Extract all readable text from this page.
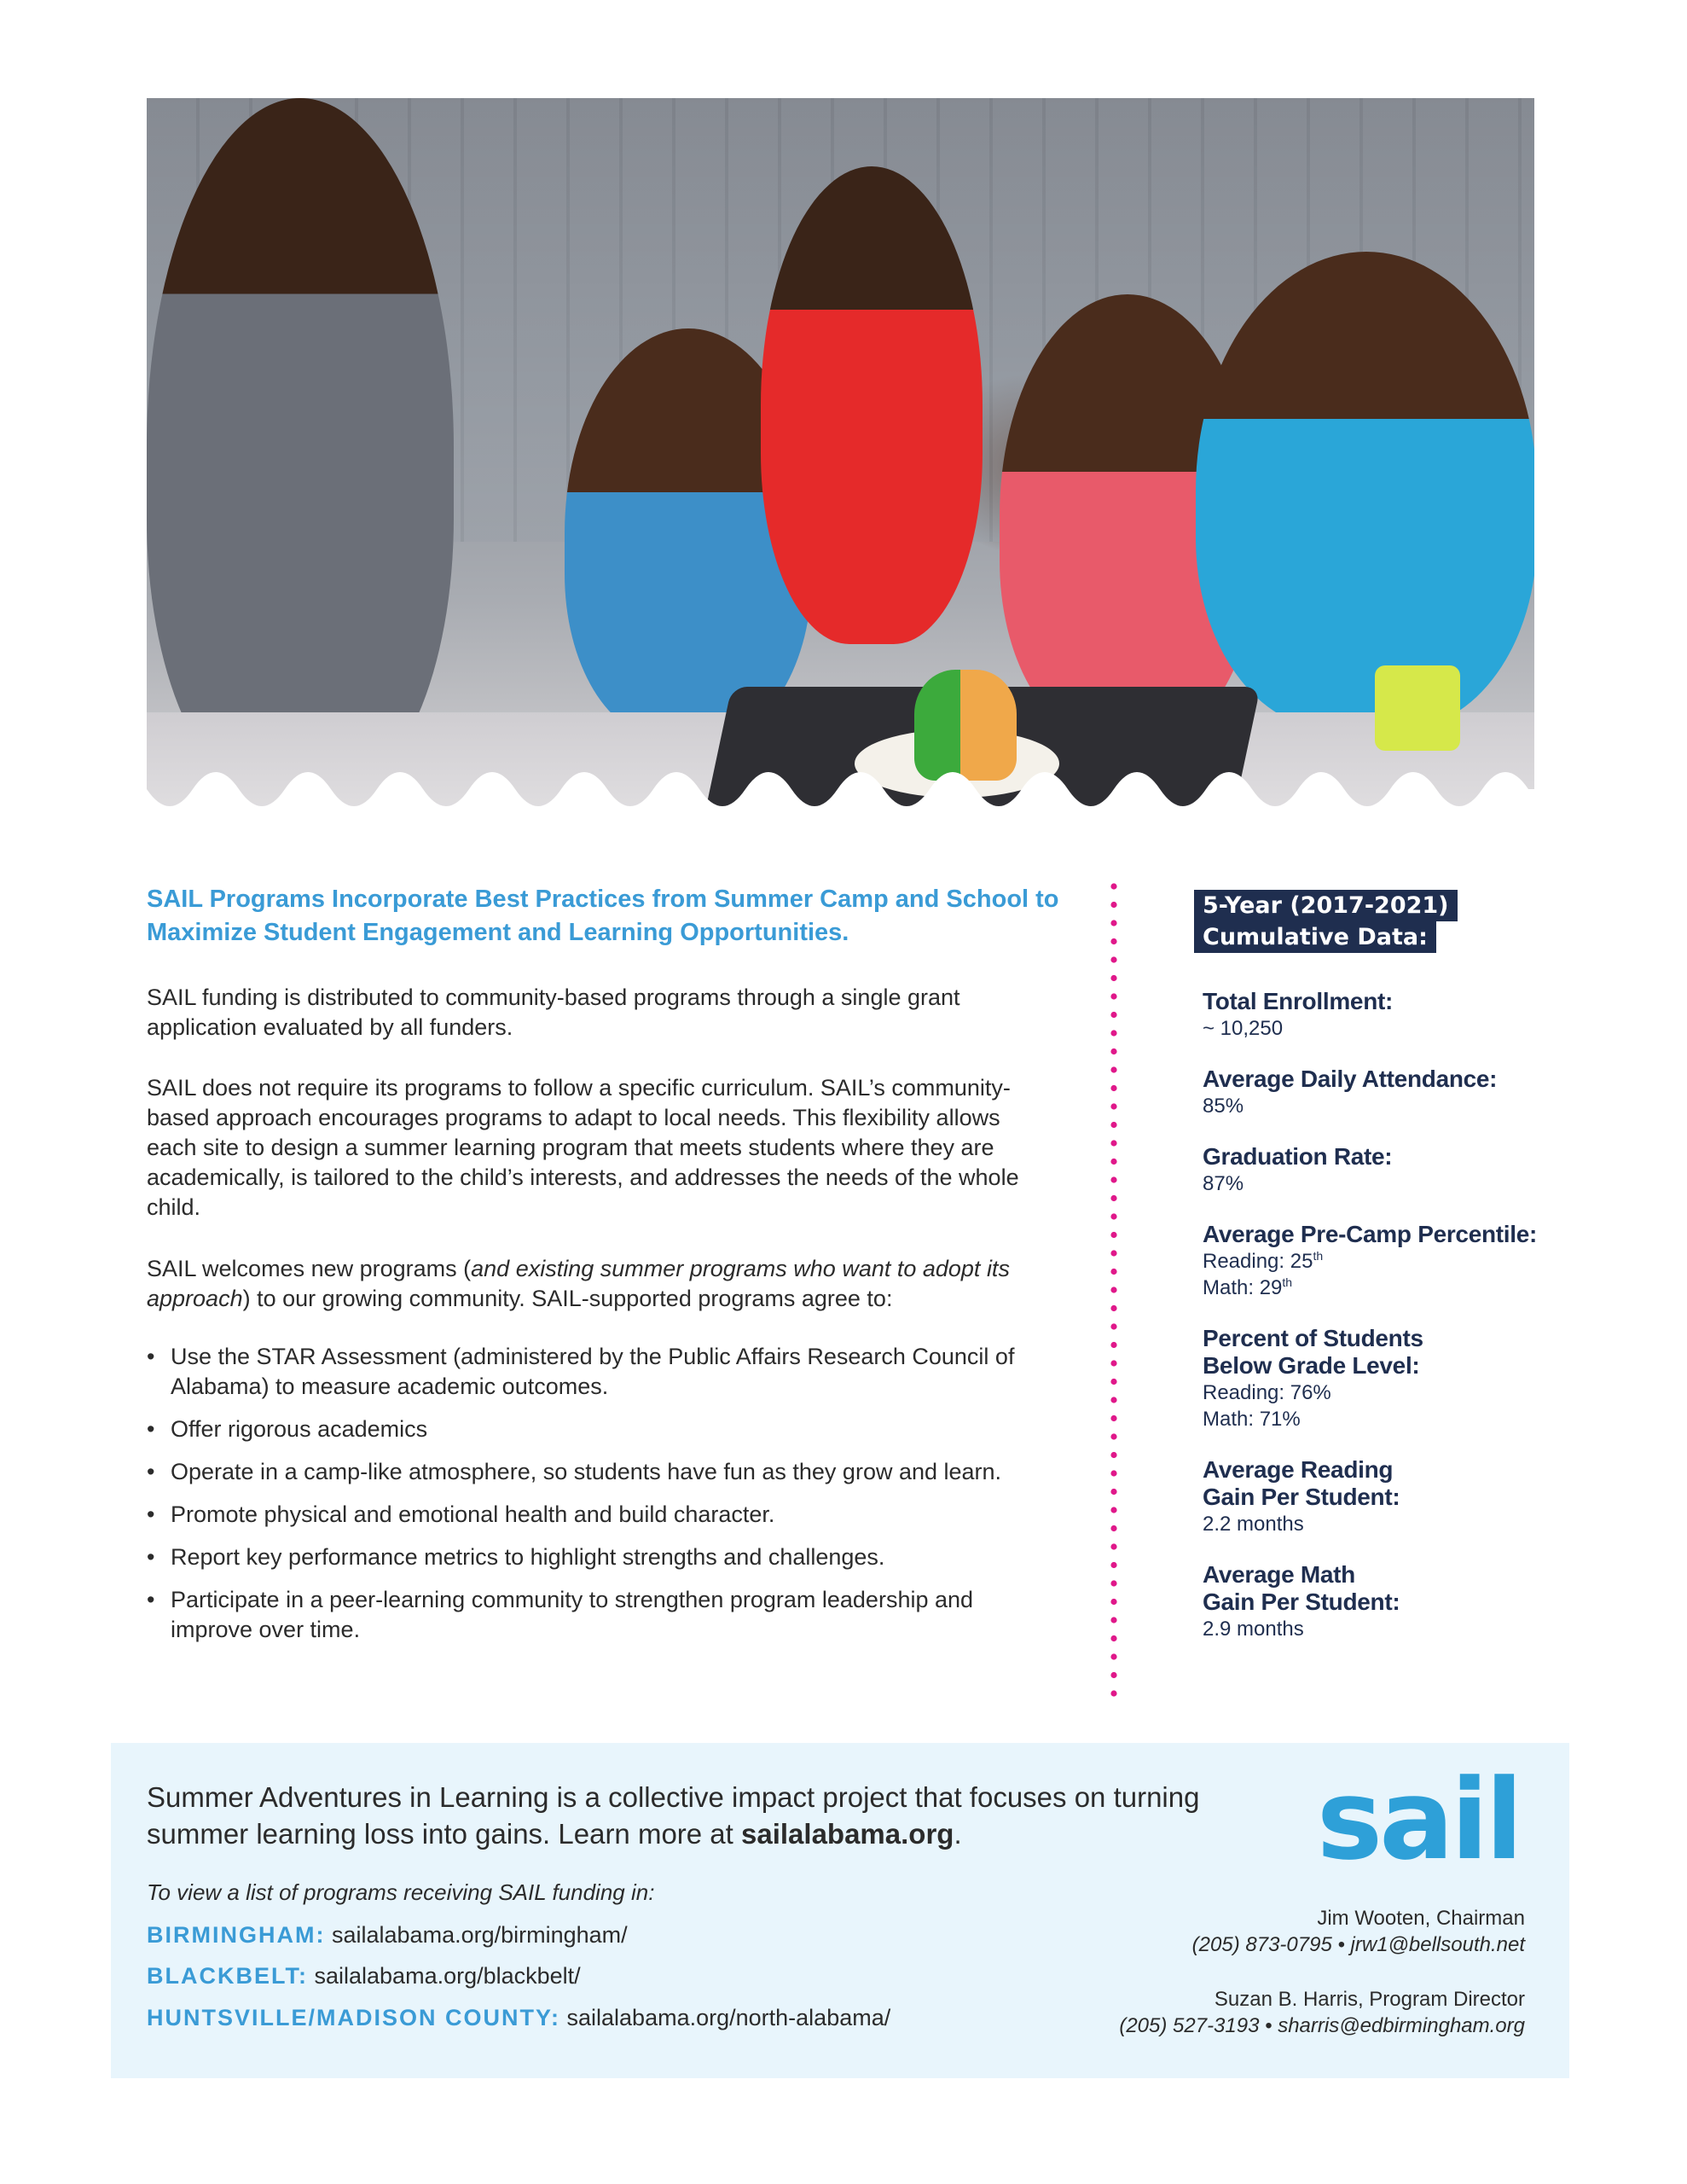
SAIL Programs Incorporate Best Practices from Summer Camp and School to Maximize Student Engagement and Learning Opportunities.

SAIL funding is distributed to community-based programs through a single grant application evaluated by all funders.

SAIL does not require its programs to follow a specific curriculum. SAIL’s community-based approach encourages programs to adapt to local needs. This flexibility allows each site to design a summer learning program that meets students where they are academically, is tailored to the child’s interests, and addresses the needs of the whole child.

SAIL welcomes new programs (and existing summer programs who want to adopt its approach) to our growing community. SAIL-supported programs agree to:

• Use the STAR Assessment (administered by the Public Affairs Research Council of Alabama) to measure academic outcomes.
• Offer rigorous academics
• Operate in a camp-like atmosphere, so students have fun as they grow and learn.
• Promote physical and emotional health and build character.
• Report key performance metrics to highlight strengths and challenges.
• Participate in a peer-learning community to strengthen program leadership and improve over time.
5-Year (2017-2021)
Cumulative Data:
Total Enrollment:
~ 10,250
Average Daily Attendance:
85%
Graduation Rate:
87%
Average Pre-Camp Percentile:
Reading: 25th
Math: 29th
Percent of Students
Below Grade Level:
Reading: 76%
Math: 71%
Average Reading
Gain Per Student:
2.2 months
Average Math
Gain Per Student:
2.9 months

Summer Adventures in Learning is a collective impact project that focuses on turning summer learning loss into gains. Learn more at sailalabama.org.

To view a list of programs receiving SAIL funding in:

BIRMINGHAM: sailalabama.org/birmingham/

BLACKBELT: sailalabama.org/blackbelt/

HUNTSVILLE/MADISON COUNTY: sailalabama.org/north-alabama/

sail

Jim Wooten, Chairman
(205) 873-0795 • jrw1@bellsouth.net

Suzan B. Harris, Program Director
(205) 527-3193 • sharris@edbirmingham.org
